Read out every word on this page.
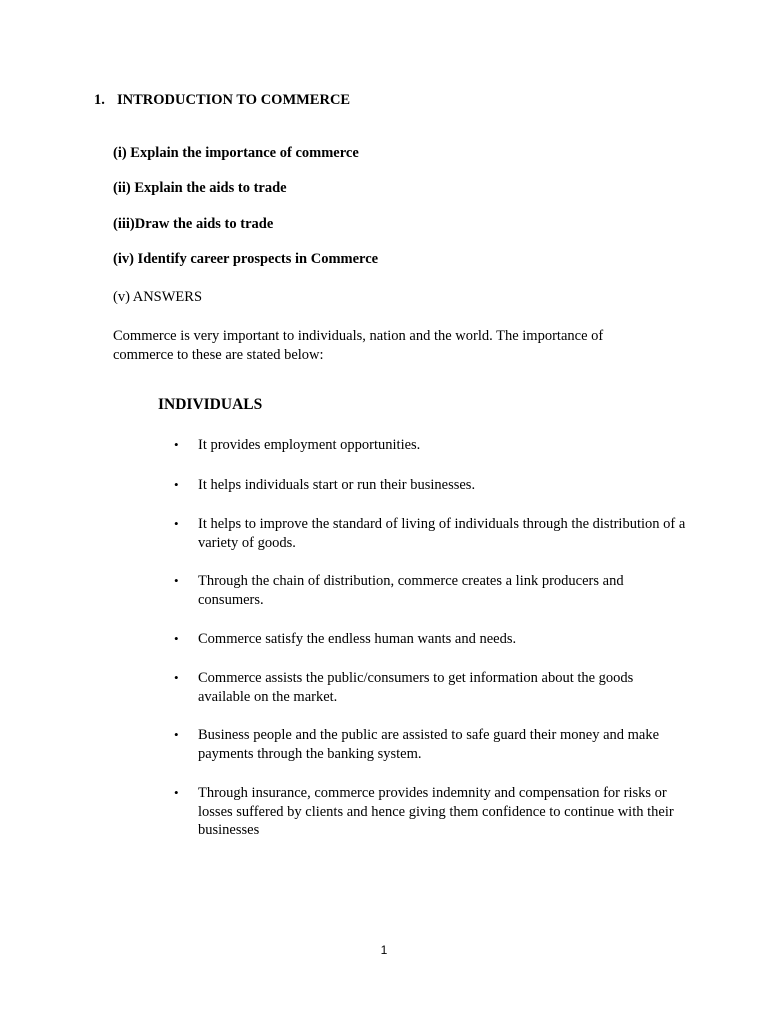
1. INTRODUCTION TO COMMERCE
(i) Explain the importance of commerce
(ii) Explain the aids to trade
(iii)Draw the aids to trade
(iv) Identify career prospects in Commerce
(v) ANSWERS
Commerce is very important to individuals, nation and the world. The importance of commerce to these are stated below:
INDIVIDUALS
• It provides employment opportunities.
• It helps individuals start or run their businesses.
• It helps to improve the standard of living of individuals through the distribution of a variety of goods.
• Through the chain of distribution, commerce creates a link producers and consumers.
• Commerce satisfy the endless human wants and needs.
• Commerce assists the public/consumers to get information about the goods available on the market.
• Business people and the public are assisted to safe guard their money and make payments through the banking system.
• Through insurance, commerce provides indemnity and compensation for risks or losses suffered by clients and hence giving them confidence to continue with their businesses
1
